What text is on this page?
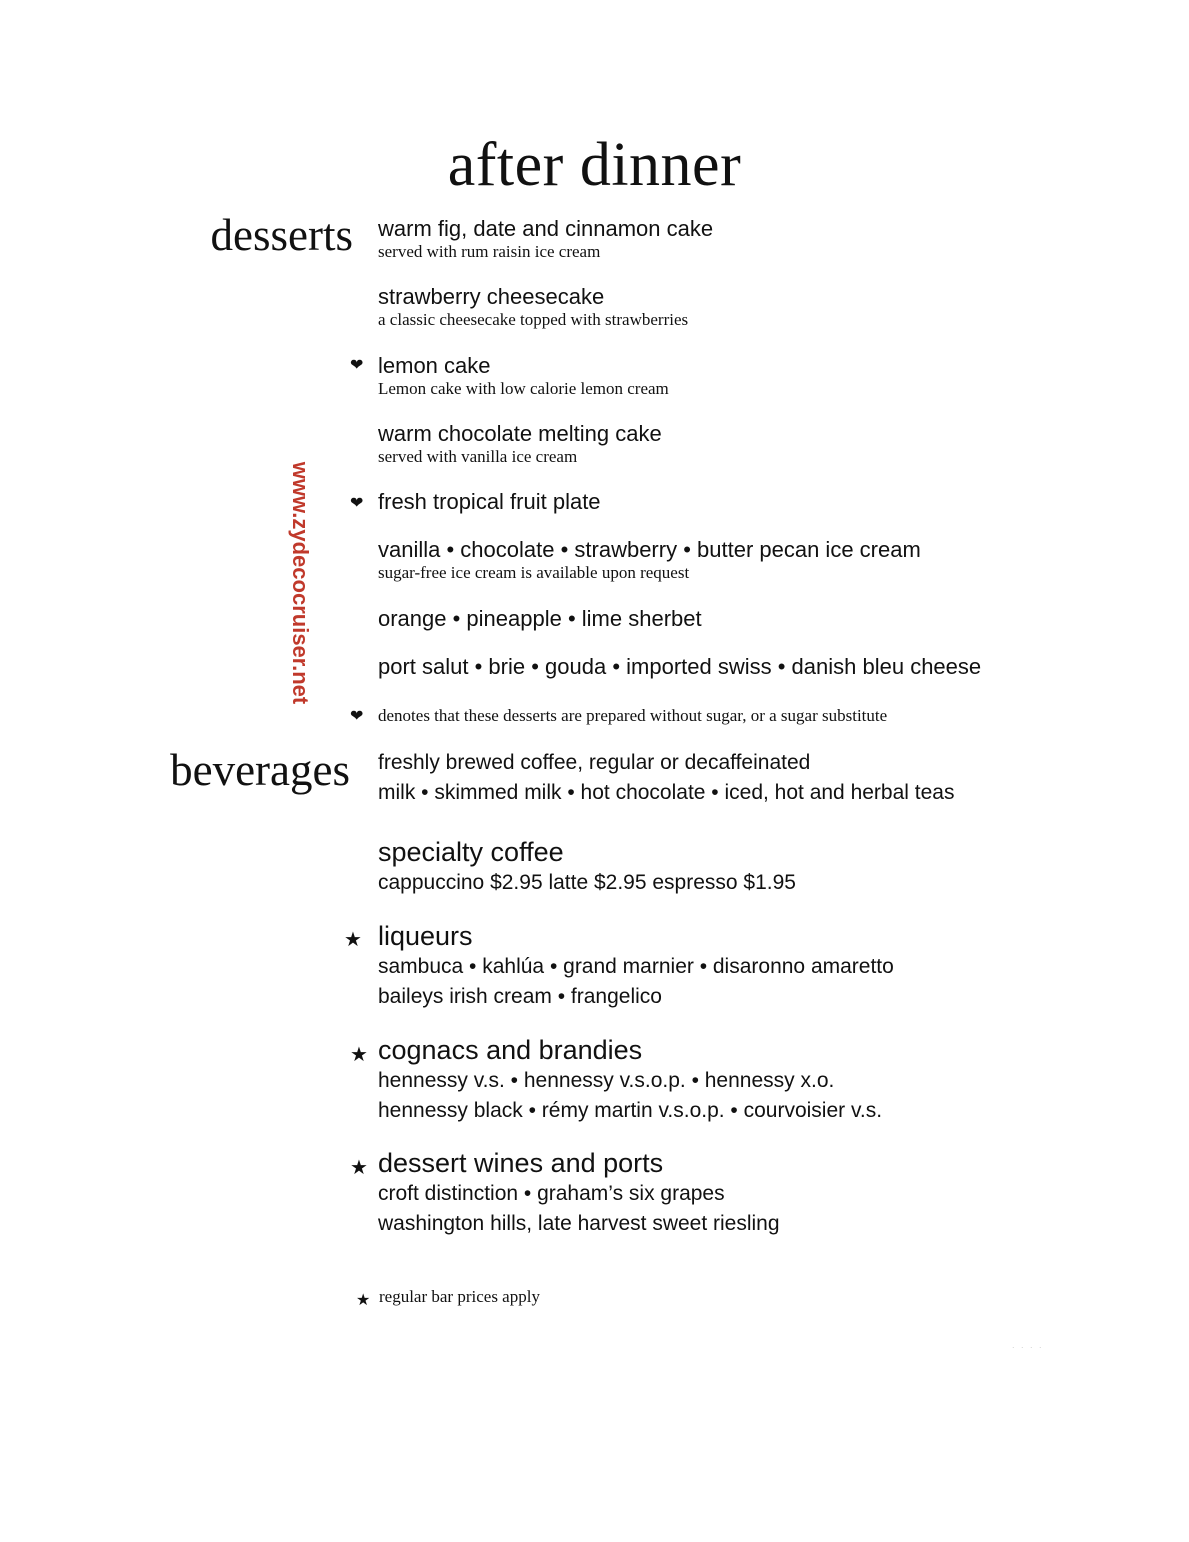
after dinner
www.zydecocruiser.net
desserts warm fig, date and cinnamon cake
served with rum raisin ice cream
strawberry cheesecake
a classic cheesecake topped with strawberries
❤ lemon cake
Lemon cake with low calorie lemon cream
warm chocolate melting cake
served with vanilla ice cream
❤ fresh tropical fruit plate
vanilla • chocolate • strawberry • butter pecan ice cream
sugar-free ice cream is available upon request
orange • pineapple • lime sherbet
port salut • brie • gouda • imported swiss • danish bleu cheese
❤ denotes that these desserts are prepared without sugar, or a sugar substitute
beverages freshly brewed coffee, regular or decaffeinated
milk • skimmed milk • hot chocolate • iced, hot and herbal teas
specialty coffee
cappuccino $2.95 latte $2.95 espresso $1.95
★ liqueurs
sambuca • kahlúa • grand marnier • disaronno amaretto
baileys irish cream • frangelico
★ cognacs and brandies
hennessy v.s. • hennessy v.s.o.p. • hennessy x.o.
hennessy black • rémy martin v.s.o.p. • courvoisier v.s.
★ dessert wines and ports
croft distinction • graham’s six grapes
washington hills, late harvest sweet riesling
★ regular bar prices apply
. . . .
